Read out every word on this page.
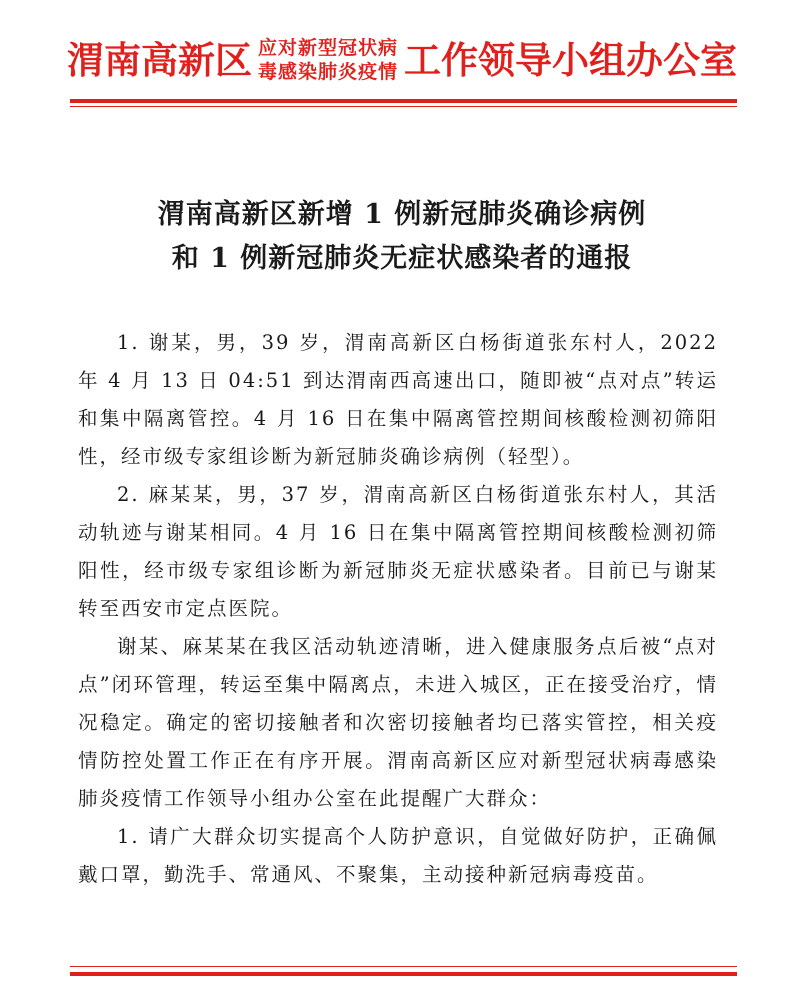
渭南高新区 应对新型冠状病
毒感染肺炎疫情 工作领导小组办公室
渭南高新区新增 1 例新冠肺炎确诊病例
和 1 例新冠肺炎无症状感染者的通报

1. 谢某，男，39 岁，渭南高新区白杨街道张东村人，2022 年 4 月 13 日 04:51 到达渭南西高速出口，随即被“点对点”转运和集中隔离管控。4 月 16 日在集中隔离管控期间核酸检测初筛阳性，经市级专家组诊断为新冠肺炎确诊病例（轻型）。

2. 麻某某，男，37 岁，渭南高新区白杨街道张东村人，其活动轨迹与谢某相同。4 月 16 日在集中隔离管控期间核酸检测初筛阳性，经市级专家组诊断为新冠肺炎无症状感染者。目前已与谢某转至西安市定点医院。

谢某、麻某某在我区活动轨迹清晰，进入健康服务点后被“点对点”闭环管理，转运至集中隔离点，未进入城区，正在接受治疗，情况稳定。确定的密切接触者和次密切接触者均已落实管控，相关疫情防控处置工作正在有序开展。渭南高新区应对新型冠状病毒感染肺炎疫情工作领导小组办公室在此提醒广大群众：

1. 请广大群众切实提高个人防护意识，自觉做好防护，正确佩戴口罩，勤洗手、常通风、不聚集，主动接种新冠病毒疫苗。
